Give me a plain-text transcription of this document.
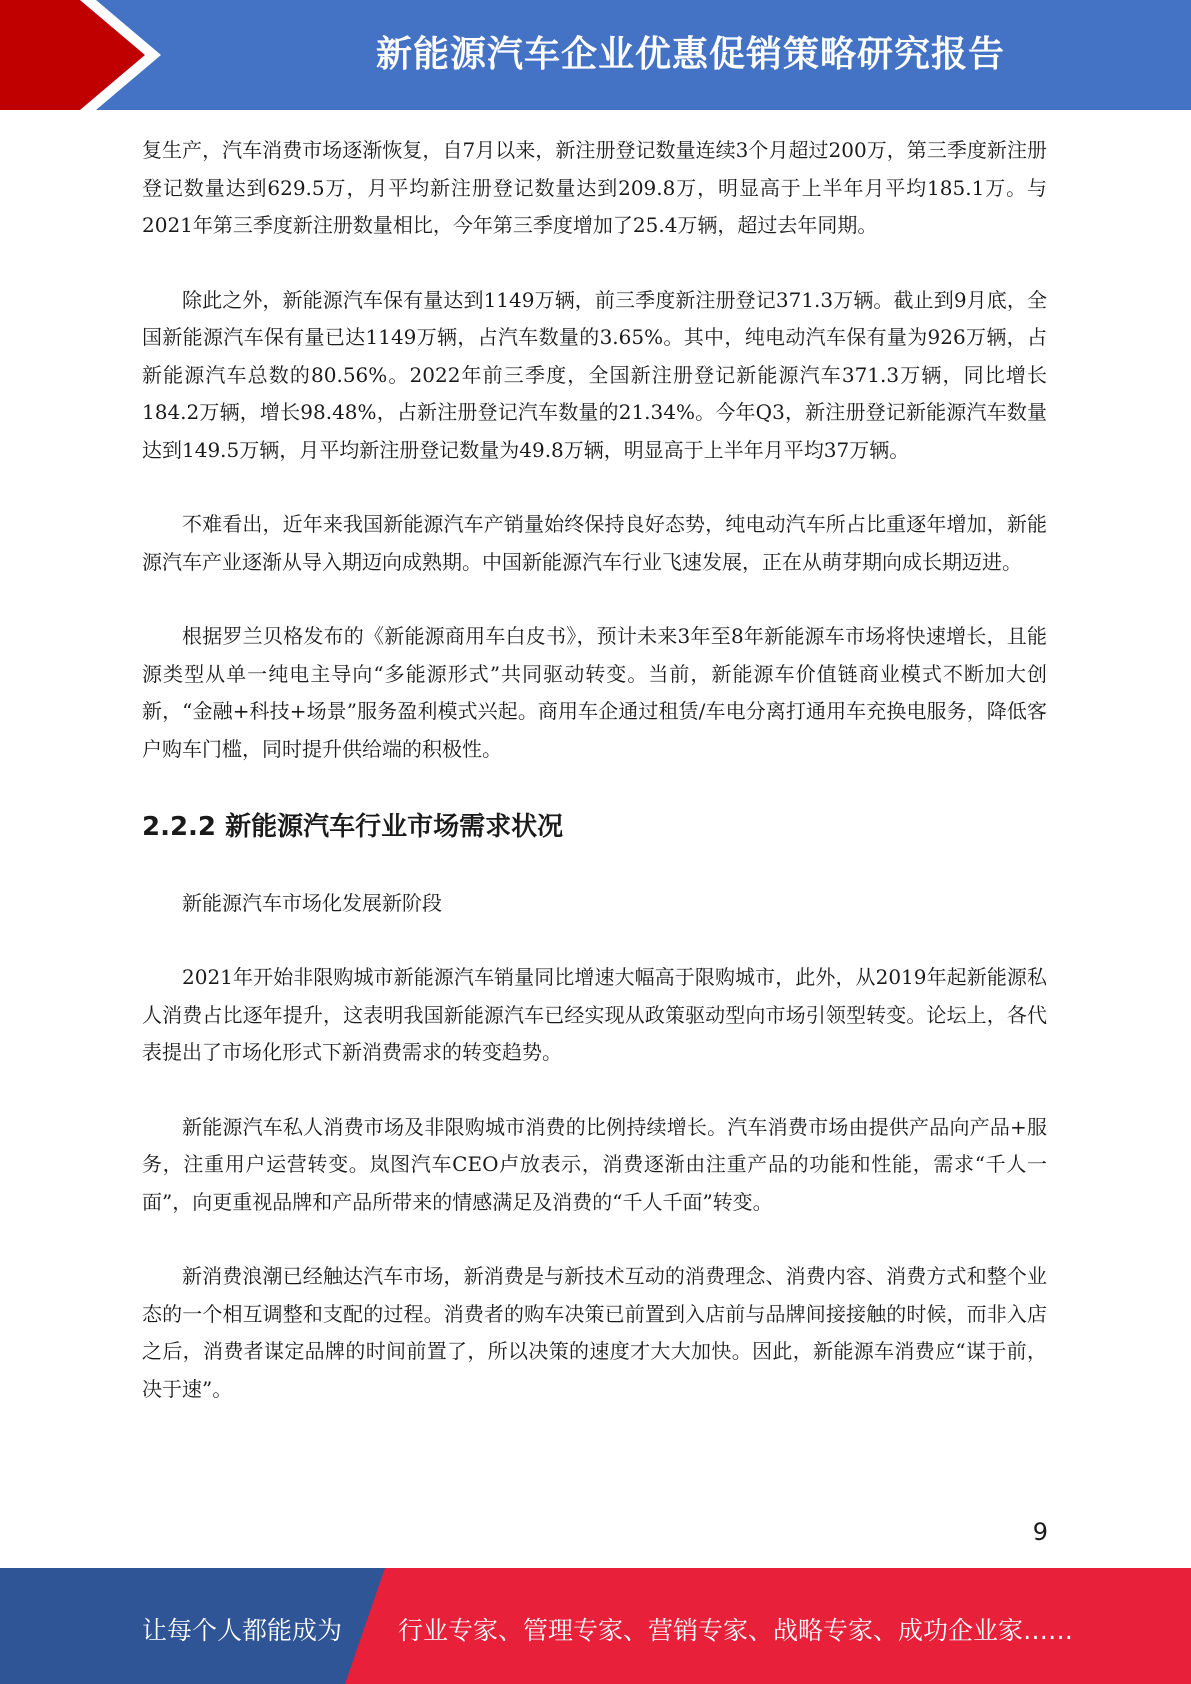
新能源汽车企业优惠促销策略研究报告

复生产，汽车消费市场逐渐恢复，自7月以来，新注册登记数量连续3个月超过200万，第三季度新注册登记数量达到629.5万，月平均新注册登记数量达到209.8万，明显高于上半年月平均185.1万。与2021年第三季度新注册数量相比，今年第三季度增加了25.4万辆，超过去年同期。

除此之外，新能源汽车保有量达到1149万辆，前三季度新注册登记371.3万辆。截止到9月底，全国新能源汽车保有量已达1149万辆，占汽车数量的3.65%。其中，纯电动汽车保有量为926万辆，占新能源汽车总数的80.56%。2022年前三季度，全国新注册登记新能源汽车371.3万辆，同比增长184.2万辆，增长98.48%，占新注册登记汽车数量的21.34%。今年Q3，新注册登记新能源汽车数量达到149.5万辆，月平均新注册登记数量为49.8万辆，明显高于上半年月平均37万辆。

不难看出，近年来我国新能源汽车产销量始终保持良好态势，纯电动汽车所占比重逐年增加，新能源汽车产业逐渐从导入期迈向成熟期。中国新能源汽车行业飞速发展，正在从萌芽期向成长期迈进。

根据罗兰贝格发布的《新能源商用车白皮书》，预计未来3年至8年新能源车市场将快速增长，且能源类型从单一纯电主导向“多能源形式”共同驱动转变。当前，新能源车价值链商业模式不断加大创新，“金融+科技+场景”服务盈利模式兴起。商用车企通过租赁/车电分离打通用车充换电服务，降低客户购车门槛，同时提升供给端的积极性。

2.2.2 新能源汽车行业市场需求状况

新能源汽车市场化发展新阶段

2021年开始非限购城市新能源汽车销量同比增速大幅高于限购城市，此外，从2019年起新能源私人消费占比逐年提升，这表明我国新能源汽车已经实现从政策驱动型向市场引领型转变。论坛上，各代表提出了市场化形式下新消费需求的转变趋势。

新能源汽车私人消费市场及非限购城市消费的比例持续增长。汽车消费市场由提供产品向产品+服务，注重用户运营转变。岚图汽车CEO卢放表示，消费逐渐由注重产品的功能和性能，需求“千人一面”，向更重视品牌和产品所带来的情感满足及消费的“千人千面”转变。

新消费浪潮已经触达汽车市场，新消费是与新技术互动的消费理念、消费内容、消费方式和整个业态的一个相互调整和支配的过程。消费者的购车决策已前置到入店前与品牌间接接触的时候，而非入店之后，消费者谋定品牌的时间前置了，所以决策的速度才大大加快。因此，新能源车消费应“谋于前，决于速”。

9
让每个人都能成为 行业专家、管理专家、营销专家、战略专家、成功企业家……
